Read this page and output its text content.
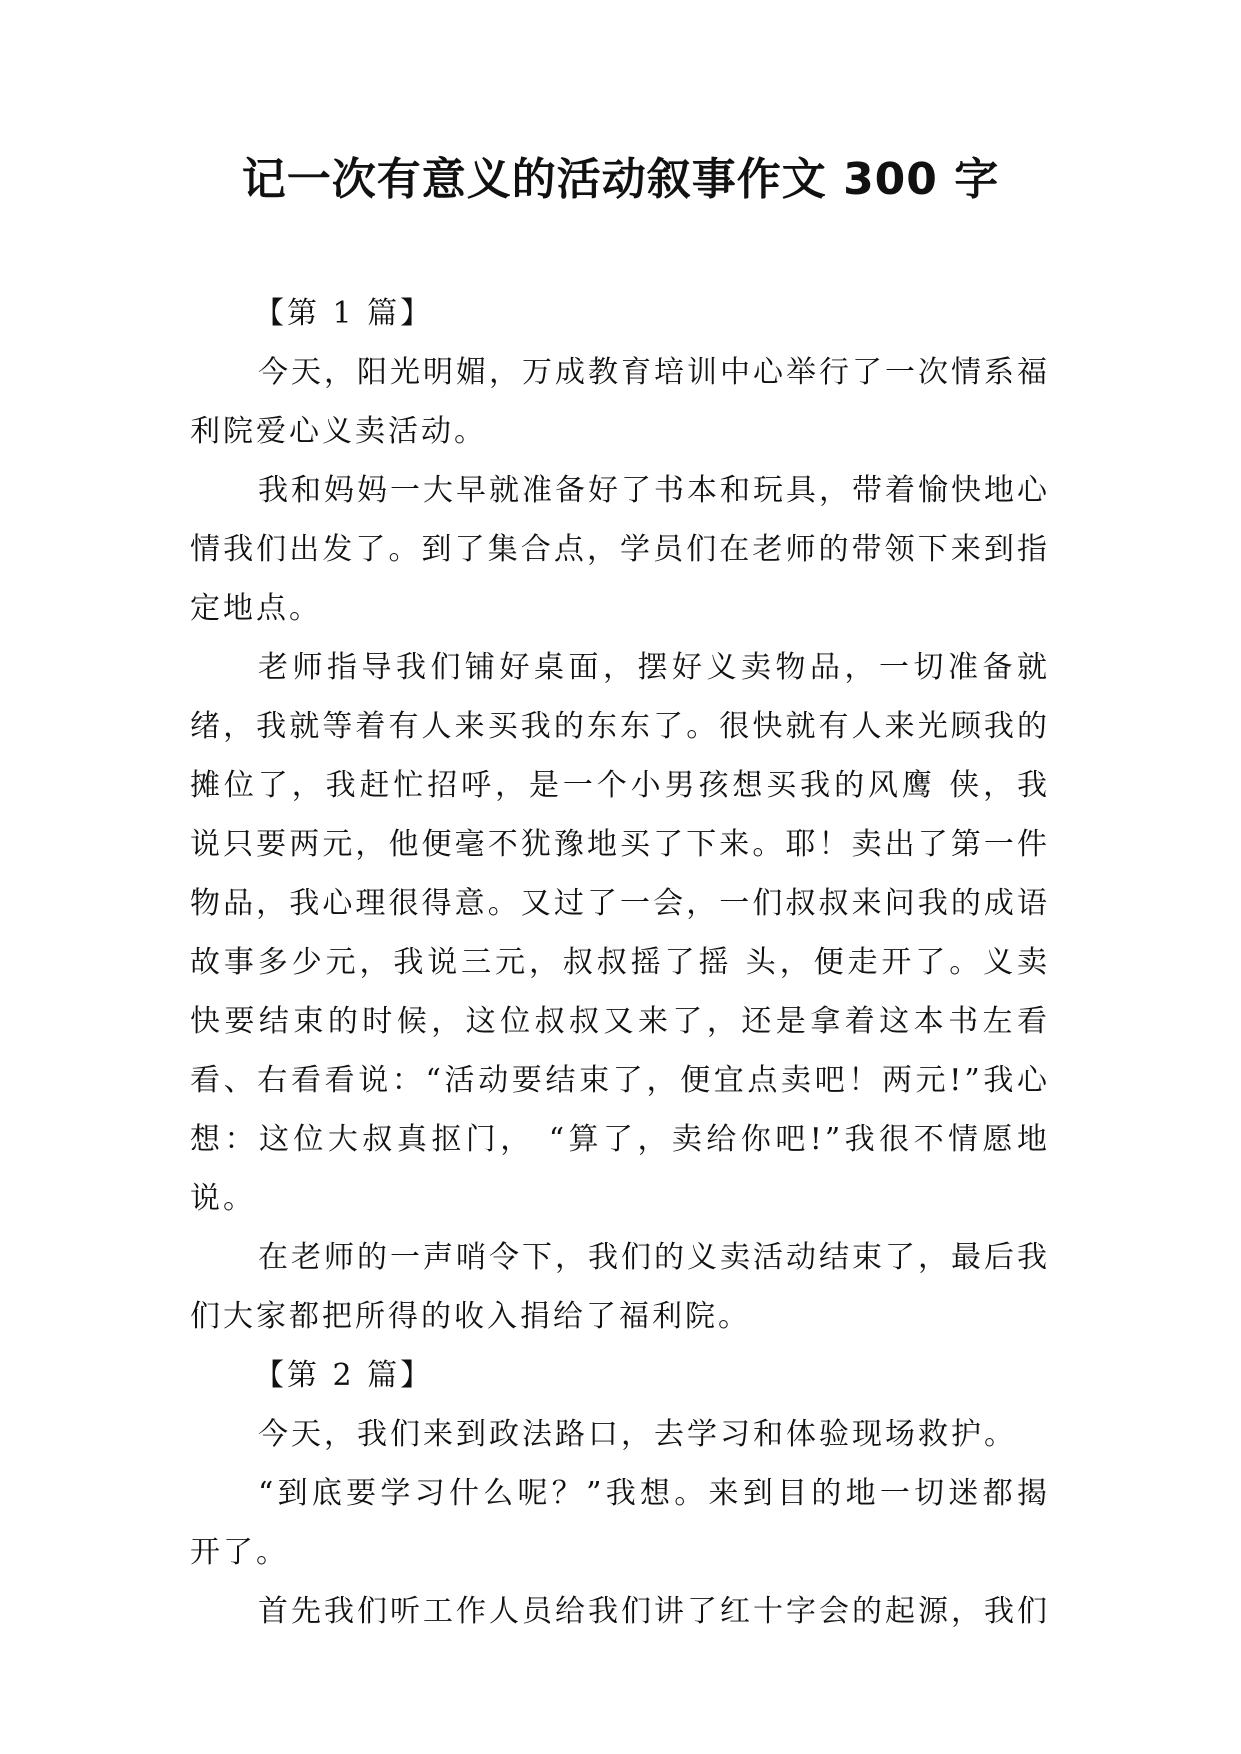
记一次有意义的活动叙事作文 300 字

【第 1 篇】

今天，阳光明媚，万成教育培训中心举行了一次情系福利院爱心义卖活动。

我和妈妈一大早就准备好了书本和玩具，带着愉快地心情我们出发了。到了集合点，学员们在老师的带领下来到指定地点。

老师指导我们铺好桌面，摆好义卖物品，一切准备就绪，我就等着有人来买我的东东了。很快就有人来光顾我的摊位了，我赶忙招呼，是一个小男孩想买我的风鹰 侠，我说只要两元，他便毫不犹豫地买了下来。耶！卖出了第一件物品，我心理很得意。又过了一会，一们叔叔来问我的成语故事多少元，我说三元，叔叔摇了摇 头，便走开了。义卖快要结束的时候，这位叔叔又来了，还是拿着这本书左看看、右看看说：“活动要结束了，便宜点卖吧！两元!”我心想：这位大叔真抠门， “算了，卖给你吧!”我很不情愿地说。

在老师的一声哨令下，我们的义卖活动结束了，最后我们大家都把所得的收入捐给了福利院。

【第 2 篇】

今天，我们来到政法路口，去学习和体验现场救护。

“到底要学习什么呢？”我想。来到目的地一切迷都揭开了。

首先我们听工作人员给我们讲了红十字会的起源，我们
